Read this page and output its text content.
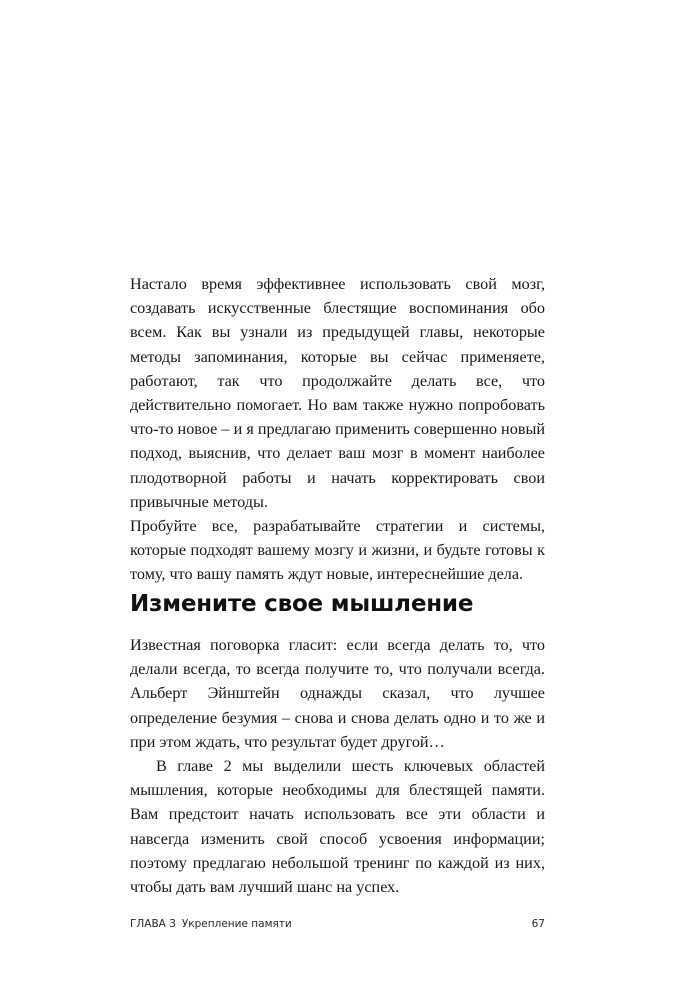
Настало время эффективнее использовать свой мозг, создавать искусственные блестящие воспоминания обо всем. Как вы узнали из предыдущей главы, некоторые методы запоминания, которые вы сейчас применяете, работают, так что продолжайте делать все, что действительно помогает. Но вам также нужно попробовать что-то новое – и я предлагаю применить совершенно новый подход, выяснив, что делает ваш мозг в момент наиболее плодотворной работы и начать корректировать свои привычные методы.

Пробуйте все, разрабатывайте стратегии и системы, которые подходят вашему мозгу и жизни, и будьте готовы к тому, что вашу память ждут новые, интереснейшие дела.

Измените свое мышление

Известная поговорка гласит: если всегда делать то, что делали всегда, то всегда получите то, что получали всегда. Альберт Эйнштейн однажды сказал, что лучшее определение безумия – снова и снова делать одно и то же и при этом ждать, что результат будет другой…

В главе 2 мы выделили шесть ключевых областей мышления, которые необходимы для блестящей памяти. Вам предстоит начать использовать все эти области и навсегда изменить свой способ усвоения информации; поэтому предлагаю небольшой тренинг по каждой из них, чтобы дать вам лучший шанс на успех.

ГЛАВА 3 Укрепление памяти	67
